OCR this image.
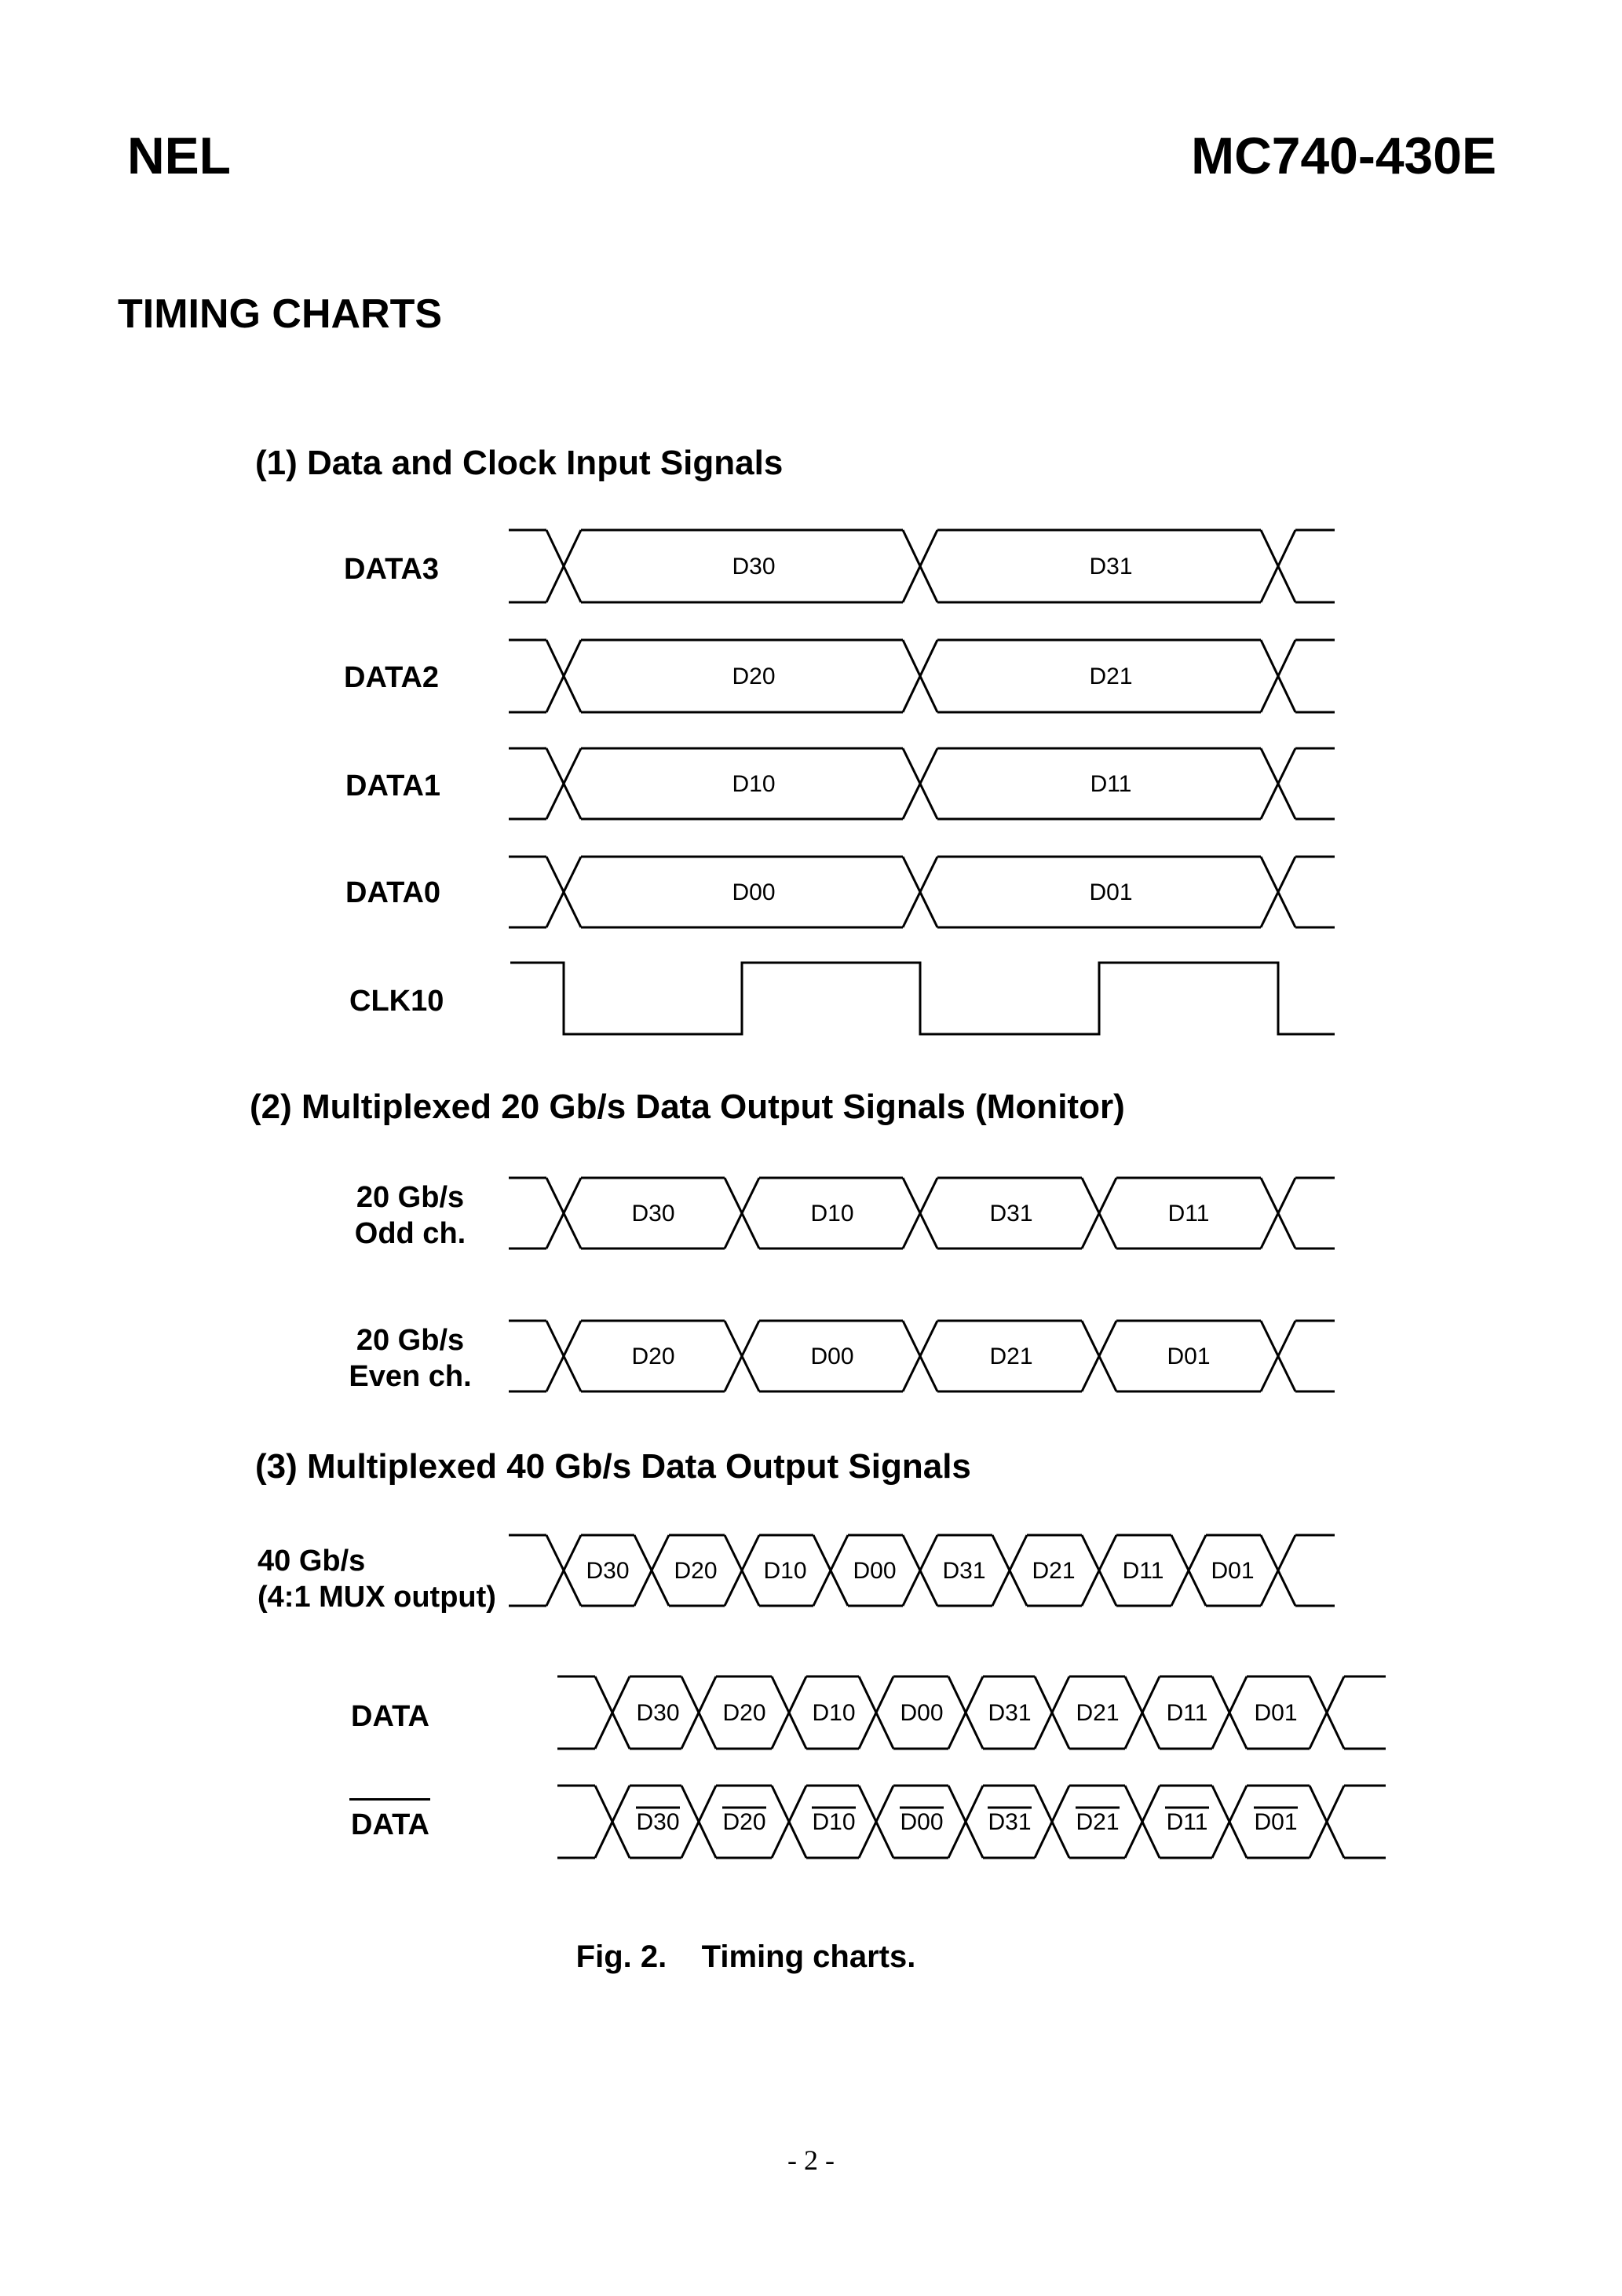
NEL	MC740-430E
TIMING CHARTS
(1) Data and Clock Input Signals
(2) Multiplexed 20 Gb/s Data Output Signals (Monitor)
(3) Multiplexed 40 Gb/s Data Output Signals
DATA3
DATA2
DATA1
DATA0
CLK10
20 Gb/s
Odd ch.
20 Gb/s
Even ch.
40 Gb/s
(4:1 MUX output)
DATA
DATA
D30	D31
D20	D21
D10	D11
D00	D01
D30	D10	D31	D11
D20	D00	D21	D01
D30 D20 D10 D00 D31 D21 D11 D01
D30 D20 D10 D00 D31 D21 D11 D01
D30 D20 D10 D00 D31 D21 D11 D01
Fig. 2.    Timing charts.
- 2 -
